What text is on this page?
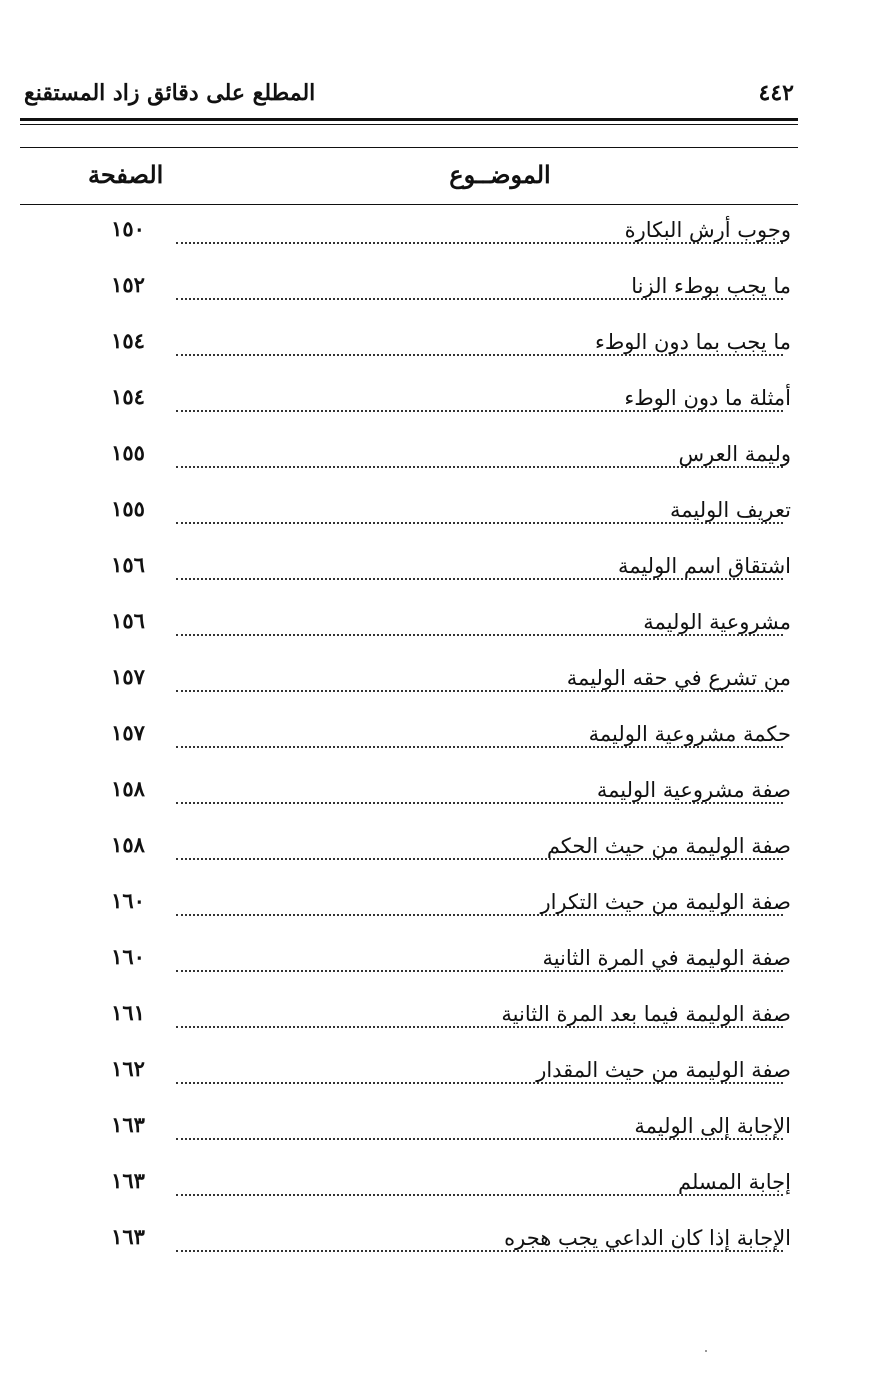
٤٤٢
المطلع على دقائق زاد المستقنع
الموضــوع
الصفحة
وجوب أرش البكارة
١٥٠
ما يجب بوطء الزنا
١٥٢
ما يجب بما دون الوطء
١٥٤
أمثلة ما دون الوطء
١٥٤
وليمة العرس
١٥٥
تعريف الوليمة
١٥٥
اشتقاق اسم الوليمة
١٥٦
مشروعية الوليمة
١٥٦
من تشرع في حقه الوليمة
١٥٧
حكمة مشروعية الوليمة
١٥٧
صفة مشروعية الوليمة
١٥٨
صفة الوليمة من حيث الحكم
١٥٨
صفة الوليمة من حيث التكرار
١٦٠
صفة الوليمة في المرة الثانية
١٦٠
صفة الوليمة فيما بعد المرة الثانية
١٦١
صفة الوليمة من حيث المقدار
١٦٢
الإجابة إلى الوليمة
١٦٣
إجابة المسلم
١٦٣
الإجابة إذا كان الداعي يجب هجره
١٦٣
